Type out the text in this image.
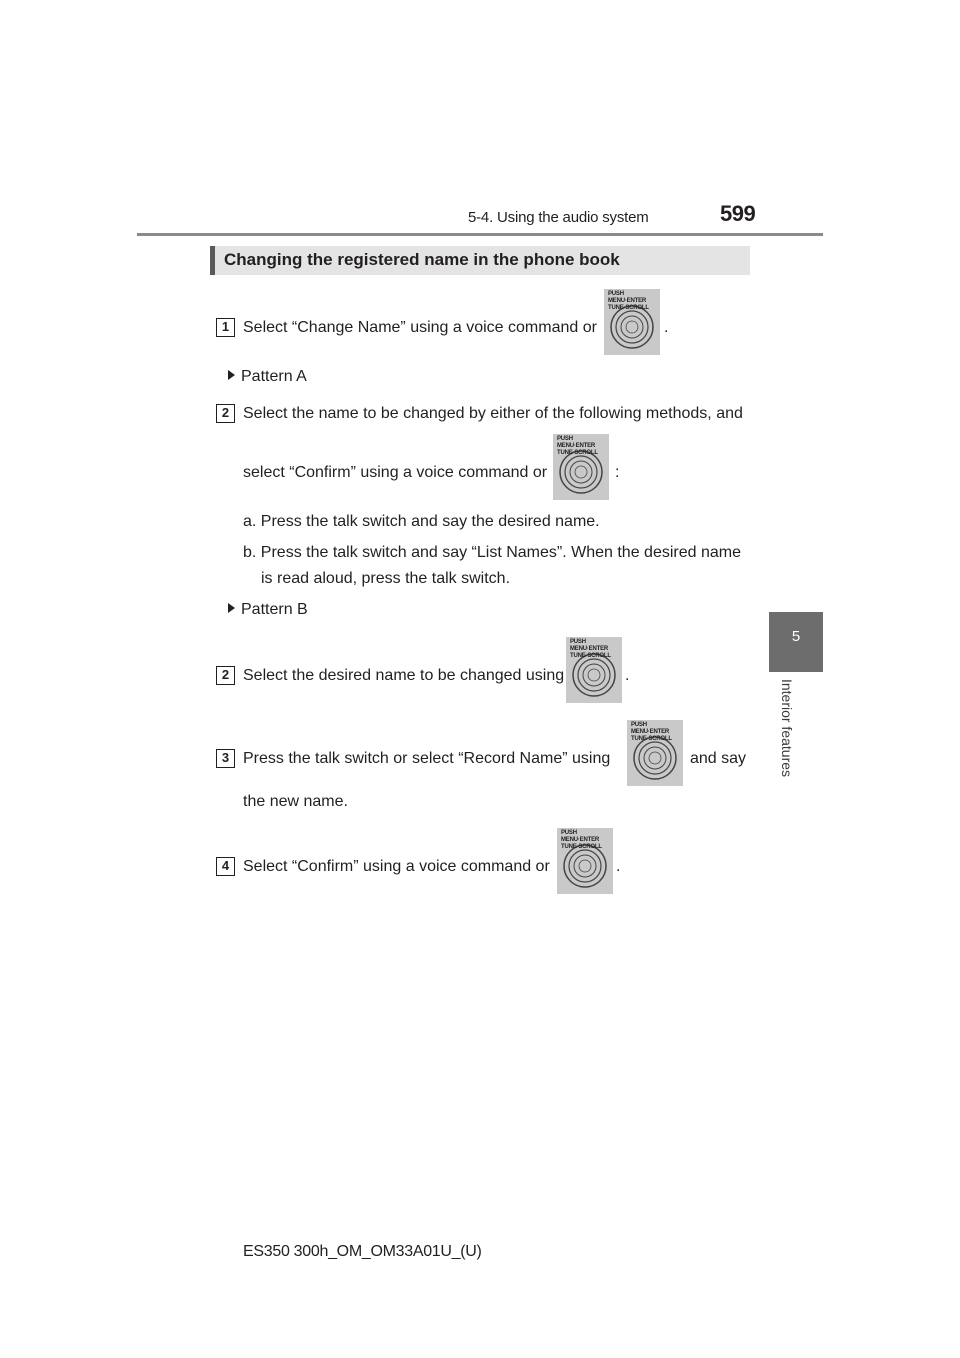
5-4. Using the audio system	599
5
Interior features
Changing the registered name in the phone book
1 Select “Change Name” using a voice command or
PUSH MENU·ENTER
TUNE·SCROLL
.
Pattern A
2 Select the name to be changed by either of the following methods, and
select “Confirm” using a voice command or
PUSH MENU·ENTER
TUNE·SCROLL
:
a. Press the talk switch and say the desired name.
b. Press the talk switch and say “List Names”. When the desired name
is read aloud, press the talk switch.
Pattern B
2 Select the desired name to be changed using
PUSH MENU·ENTER
TUNE·SCROLL
.
3 Press the talk switch or select “Record Name” using
PUSH MENU·ENTER
TUNE·SCROLL
and say
the new name.
4 Select “Confirm” using a voice command or
PUSH MENU·ENTER
TUNE·SCROLL
.
ES350 300h_OM_OM33A01U_(U)
